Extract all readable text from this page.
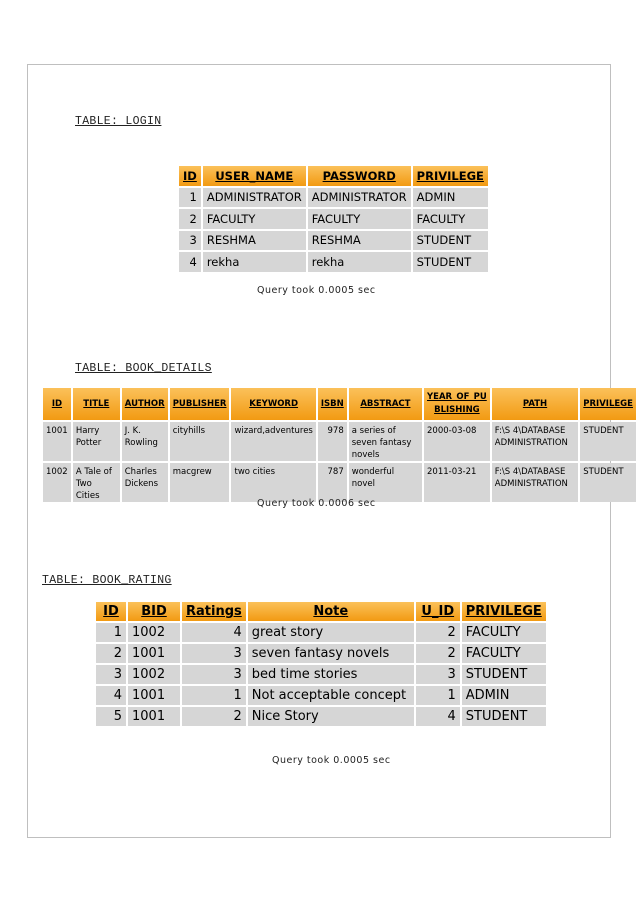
TABLE: LOGIN
ID	USER_NAME	PASSWORD	PRIVILEGE
1	ADMINISTRATOR	ADMINISTRATOR	ADMIN
2	FACULTY	FACULTY	FACULTY
3	RESHMA	RESHMA	STUDENT
4	rekha	rekha	STUDENT
Query took 0.0005 sec
TABLE: BOOK_DETAILS
ID	TITLE	AUTHOR	PUBLISHER	KEYWORD	ISBN	ABSTRACT	YEAR_OF_PU BLISHING	PATH	PRIVILEGE
1001	Harry Potter	J. K. Rowling	cityhills	wizard,adventures	978	a series of seven fantasy novels	2000-03-08	F:\S 4\DATABASE ADMINISTRATION	STUDENT
1002	A Tale of Two Cities	Charles Dickens	macgrew	two cities	787	wonderful novel	2011-03-21	F:\S 4\DATABASE ADMINISTRATION	STUDENT
Query took 0.0006 sec
TABLE: BOOK_RATING
ID	BID	Ratings	Note	U_ID	PRIVILEGE
1	1002	4	great story	2	FACULTY
2	1001	3	seven fantasy novels	2	FACULTY
3	1002	3	bed time stories	3	STUDENT
4	1001	1	Not acceptable concept	1	ADMIN
5	1001	2	Nice Story	4	STUDENT
Query took 0.0005 sec
